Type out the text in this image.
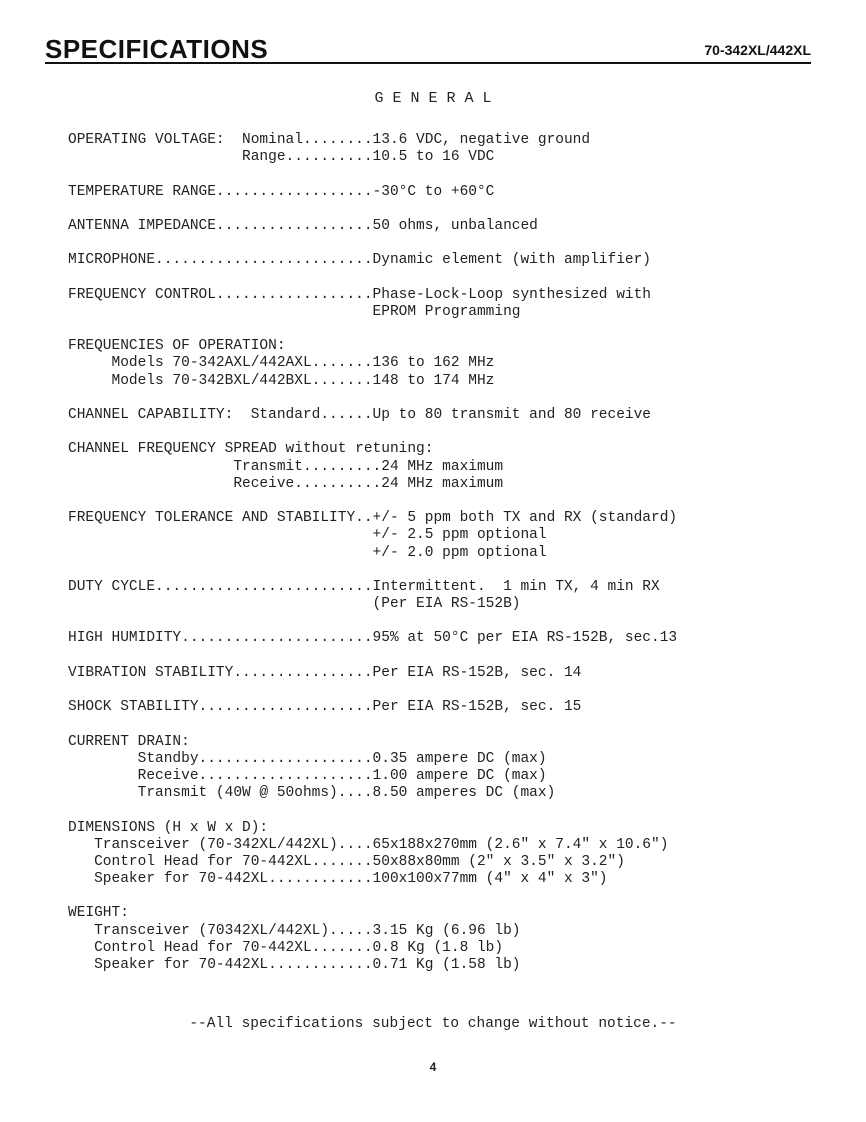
SPECIFICATIONS	70-342XL/442XL
G E N E R A L
OPERATING VOLTAGE:  Nominal........13.6 VDC, negative ground
Range..........10.5 to 16 VDC
TEMPERATURE RANGE..................-30°C to +60°C
ANTENNA IMPEDANCE..................50 ohms, unbalanced
MICROPHONE.........................Dynamic element (with amplifier)
FREQUENCY CONTROL..................Phase-Lock-Loop synthesized with
EPROM Programming
FREQUENCIES OF OPERATION:
Models 70-342AXL/442AXL.......136 to 162 MHz
Models 70-342BXL/442BXL.......148 to 174 MHz
CHANNEL CAPABILITY:  Standard......Up to 80 transmit and 80 receive
CHANNEL FREQUENCY SPREAD without retuning:
Transmit.........24 MHz maximum
Receive..........24 MHz maximum
FREQUENCY TOLERANCE AND STABILITY..+/- 5 ppm both TX and RX (standard)
+/- 2.5 ppm optional
+/- 2.0 ppm optional
DUTY CYCLE.........................Intermittent.  1 min TX, 4 min RX
(Per EIA RS-152B)
HIGH HUMIDITY......................95% at 50°C per EIA RS-152B, sec.13
VIBRATION STABILITY................Per EIA RS-152B, sec. 14
SHOCK STABILITY....................Per EIA RS-152B, sec. 15
CURRENT DRAIN:
Standby....................0.35 ampere DC (max)
Receive....................1.00 ampere DC (max)
Transmit (40W @ 50ohms)....8.50 amperes DC (max)
DIMENSIONS (H x W x D):
Transceiver (70-342XL/442XL)....65x188x270mm (2.6" x 7.4" x 10.6")
Control Head for 70-442XL.......50x88x80mm (2" x 3.5" x 3.2")
Speaker for 70-442XL............100x100x77mm (4" x 4" x 3")
WEIGHT:
Transceiver (70342XL/442XL).....3.15 Kg (6.96 lb)
Control Head for 70-442XL.......0.8 Kg (1.8 lb)
Speaker for 70-442XL............0.71 Kg (1.58 lb)
--All specifications subject to change without notice.--
4
